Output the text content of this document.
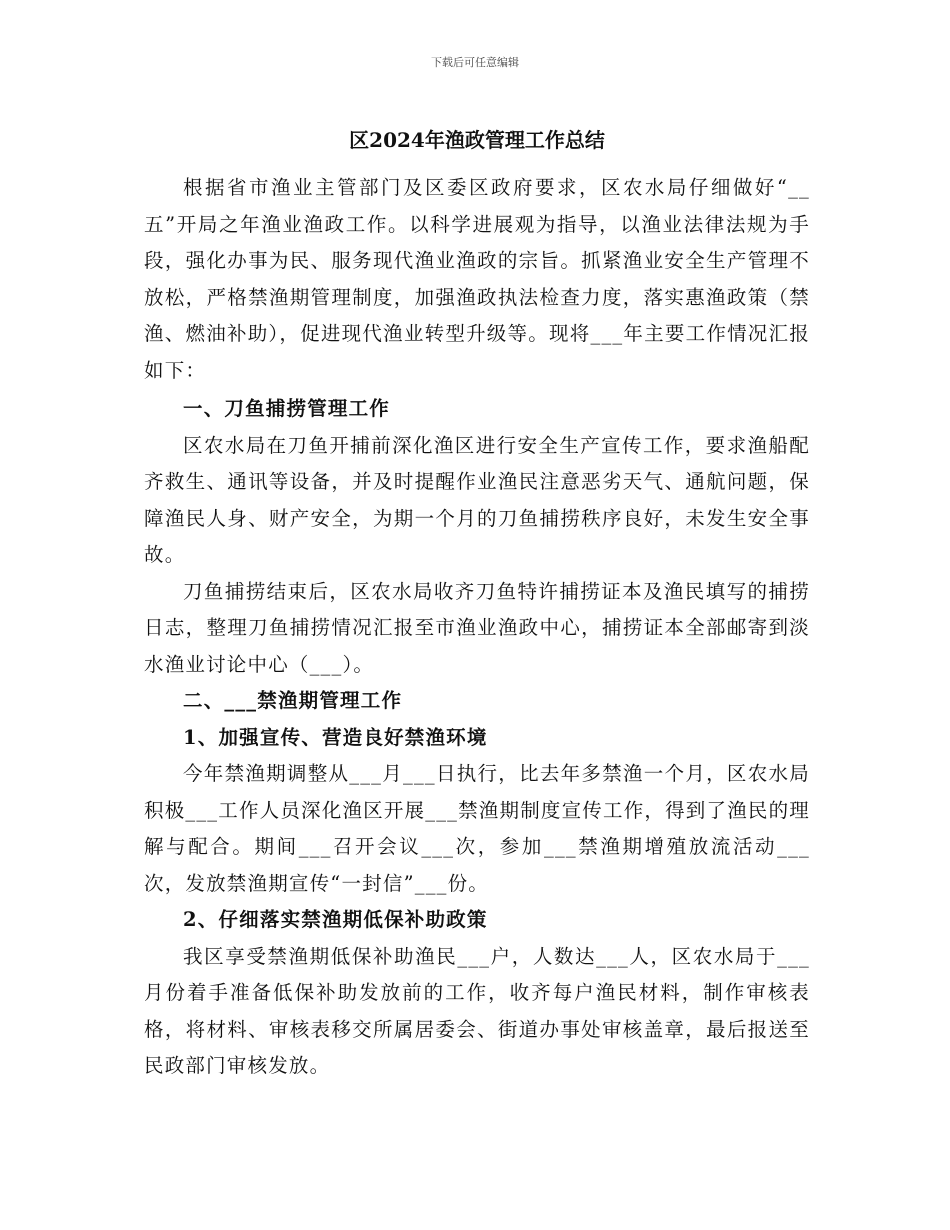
下载后可任意编辑
区2024年渔政管理工作总结

根据省市渔业主管部门及区委区政府要求，区农水局仔细做好“__五”开局之年渔业渔政工作。以科学进展观为指导，以渔业法律法规为手段，强化办事为民、服务现代渔业渔政的宗旨。抓紧渔业安全生产管理不放松，严格禁渔期管理制度，加强渔政执法检查力度，落实惠渔政策（禁渔、燃油补助），促进现代渔业转型升级等。现将___年主要工作情况汇报如下：

一、刀鱼捕捞管理工作

区农水局在刀鱼开捕前深化渔区进行安全生产宣传工作，要求渔船配齐救生、通讯等设备，并及时提醒作业渔民注意恶劣天气、通航问题，保障渔民人身、财产安全，为期一个月的刀鱼捕捞秩序良好，未发生安全事故。

刀鱼捕捞结束后，区农水局收齐刀鱼特许捕捞证本及渔民填写的捕捞日志，整理刀鱼捕捞情况汇报至市渔业渔政中心，捕捞证本全部邮寄到淡水渔业讨论中心（___）。

二、___禁渔期管理工作

1、加强宣传、营造良好禁渔环境

今年禁渔期调整从___月___日执行，比去年多禁渔一个月，区农水局积极___工作人员深化渔区开展___禁渔期制度宣传工作，得到了渔民的理解与配合。期间___召开会议___次，参加___禁渔期增殖放流活动___次，发放禁渔期宣传“一封信”___份。

2、仔细落实禁渔期低保补助政策

我区享受禁渔期低保补助渔民___户，人数达___人，区农水局于___月份着手准备低保补助发放前的工作，收齐每户渔民材料，制作审核表格，将材料、审核表移交所属居委会、街道办事处审核盖章，最后报送至民政部门审核发放。
